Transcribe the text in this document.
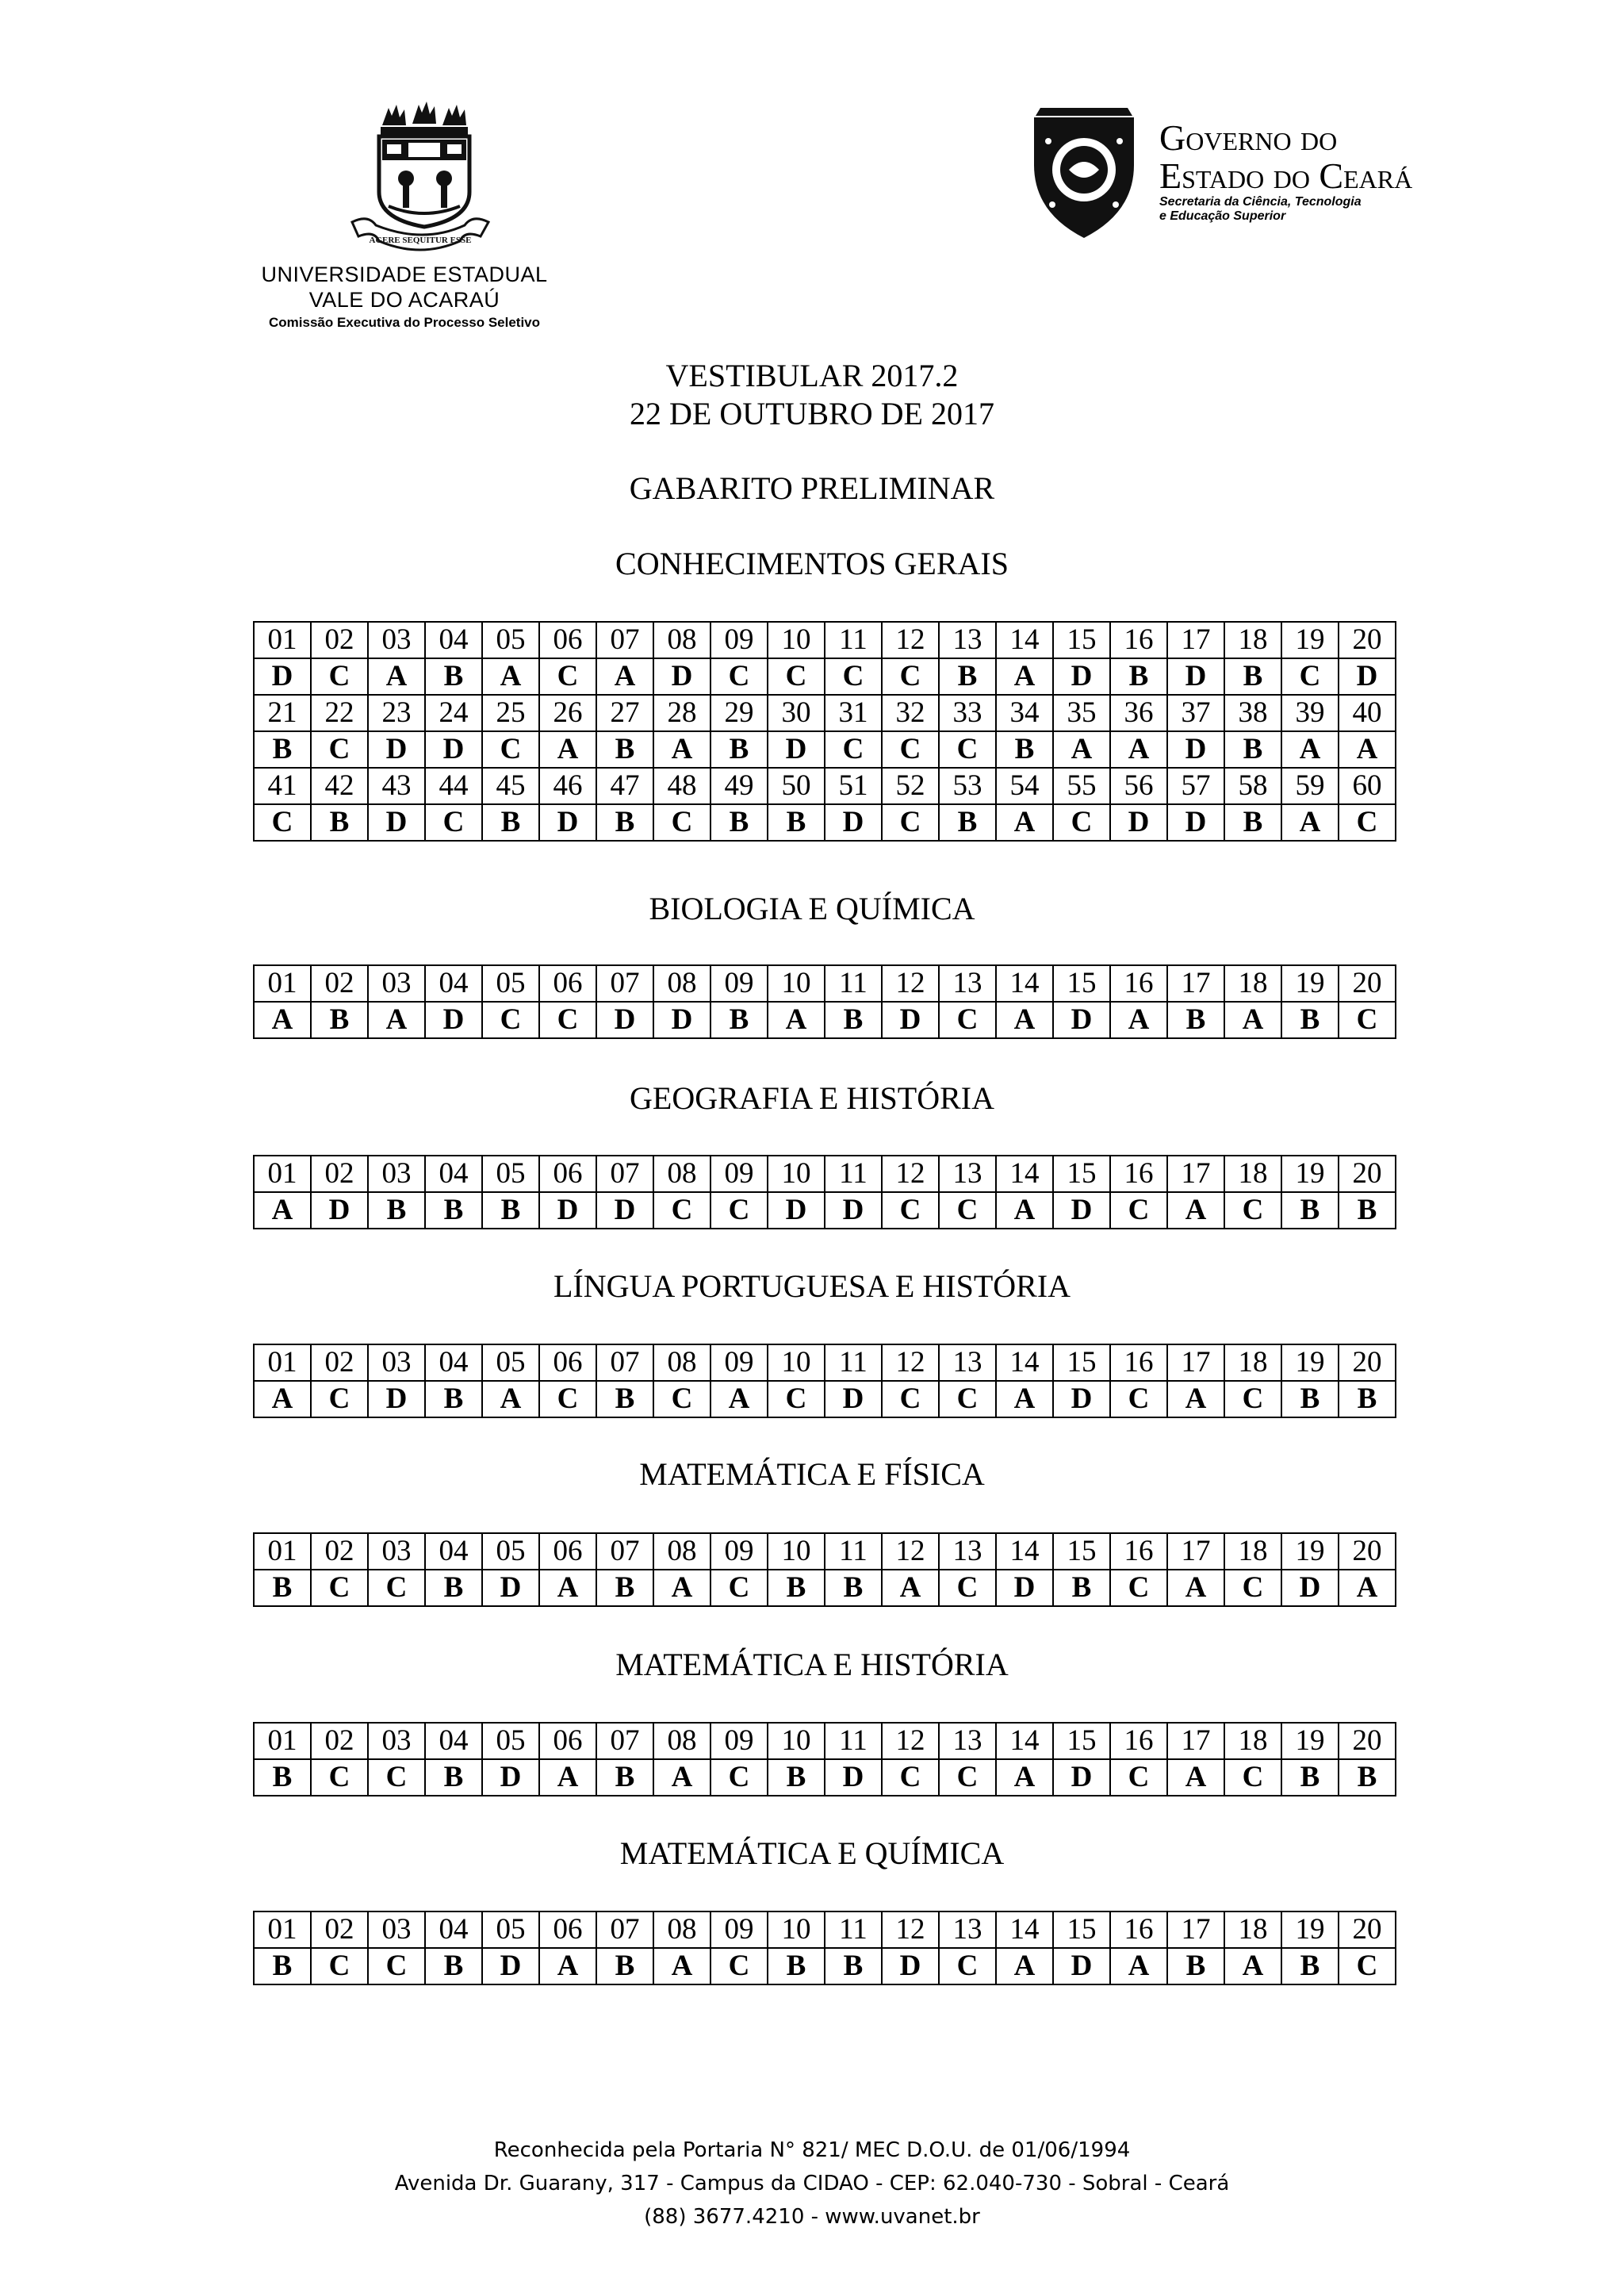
AGERE SEQUITUR ESSE
UNIVERSIDADE ESTADUAL
VALE DO ACARAÚ
Comissão Executiva do Processo Seletivo
Governo do
Estado do Ceará
Secretaria da Ciência, Tecnologia
e Educação Superior
VESTIBULAR 2017.2
22 DE OUTUBRO DE 2017
GABARITO PRELIMINAR
CONHECIMENTOS GERAIS
01	02	03	04	05	06	07	08	09	10	11	12	13	14	15	16	17	18	19	20
D	C	A	B	A	C	A	D	C	C	C	C	B	A	D	B	D	B	C	D
21	22	23	24	25	26	27	28	29	30	31	32	33	34	35	36	37	38	39	40
B	C	D	D	C	A	B	A	B	D	C	C	C	B	A	A	D	B	A	A
41	42	43	44	45	46	47	48	49	50	51	52	53	54	55	56	57	58	59	60
C	B	D	C	B	D	B	C	B	B	D	C	B	A	C	D	D	B	A	C
BIOLOGIA E QUÍMICA
01	02	03	04	05	06	07	08	09	10	11	12	13	14	15	16	17	18	19	20
A	B	A	D	C	C	D	D	B	A	B	D	C	A	D	A	B	A	B	C
GEOGRAFIA E HISTÓRIA
01	02	03	04	05	06	07	08	09	10	11	12	13	14	15	16	17	18	19	20
A	D	B	B	B	D	D	C	C	D	D	C	C	A	D	C	A	C	B	B
LÍNGUA PORTUGUESA E HISTÓRIA
01	02	03	04	05	06	07	08	09	10	11	12	13	14	15	16	17	18	19	20
A	C	D	B	A	C	B	C	A	C	D	C	C	A	D	C	A	C	B	B
MATEMÁTICA E FÍSICA
01	02	03	04	05	06	07	08	09	10	11	12	13	14	15	16	17	18	19	20
B	C	C	B	D	A	B	A	C	B	B	A	C	D	B	C	A	C	D	A
MATEMÁTICA E HISTÓRIA
01	02	03	04	05	06	07	08	09	10	11	12	13	14	15	16	17	18	19	20
B	C	C	B	D	A	B	A	C	B	D	C	C	A	D	C	A	C	B	B
MATEMÁTICA E QUÍMICA
01	02	03	04	05	06	07	08	09	10	11	12	13	14	15	16	17	18	19	20
B	C	C	B	D	A	B	A	C	B	B	D	C	A	D	A	B	A	B	C
Reconhecida pela Portaria N° 821/ MEC D.O.U. de 01/06/1994
Avenida Dr. Guarany, 317 - Campus da CIDAO - CEP: 62.040-730 - Sobral - Ceará
(88) 3677.4210 - www.uvanet.br
